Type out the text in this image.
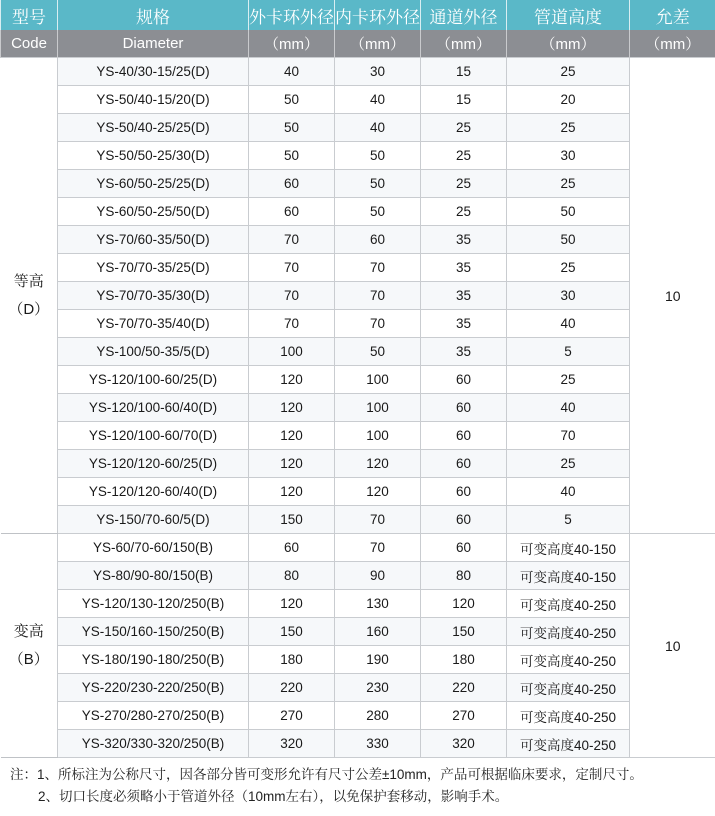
型号	规格	外卡环外径	内卡环外径	通道外径	管道高度	允差
Code	Diameter	（mm）	（mm）	（mm）	（mm）	（mm）

等高
（D）	YS-40/30-15/25(D)	40	30	15	25	10
	YS-50/40-15/20(D)	50	40	15	20	
	YS-50/40-25/25(D)	50	40	25	25	
	YS-50/50-25/30(D)	50	50	25	30	
	YS-60/50-25/25(D)	60	50	25	25	
	YS-60/50-25/50(D)	60	50	25	50	
	YS-70/60-35/50(D)	70	60	35	50	
	YS-70/70-35/25(D)	70	70	35	25	
	YS-70/70-35/30(D)	70	70	35	30	
	YS-70/70-35/40(D)	70	70	35	40	
	YS-100/50-35/5(D)	100	50	35	5	
	YS-120/100-60/25(D)	120	100	60	25	
	YS-120/100-60/40(D)	120	100	60	40	
	YS-120/100-60/70(D)	120	100	60	70	
	YS-120/120-60/25(D)	120	120	60	25	
	YS-120/120-60/40(D)	120	120	60	40	
	YS-150/70-60/5(D)	150	70	60	5	

变高
（B）	YS-60/70-60/150(B)	60	70	60	可变高度40-150	10
	YS-80/90-80/150(B)	80	90	80	可变高度40-150	
	YS-120/130-120/250(B)	120	130	120	可变高度40-250	
	YS-150/160-150/250(B)	150	160	150	可变高度40-250	
	YS-180/190-180/250(B)	180	190	180	可变高度40-250	
	YS-220/230-220/250(B)	220	230	220	可变高度40-250	
	YS-270/280-270/250(B)	270	280	270	可变高度40-250	
	YS-320/330-320/250(B)	320	330	320	可变高度40-250	
注：1、所标注为公称尺寸，因各部分皆可变形允许有尺寸公差±10mm，产品可根据临床要求，定制尺寸。
2、切口长度必须略小于管道外径（10mm左右），以免保护套移动，影响手术。
